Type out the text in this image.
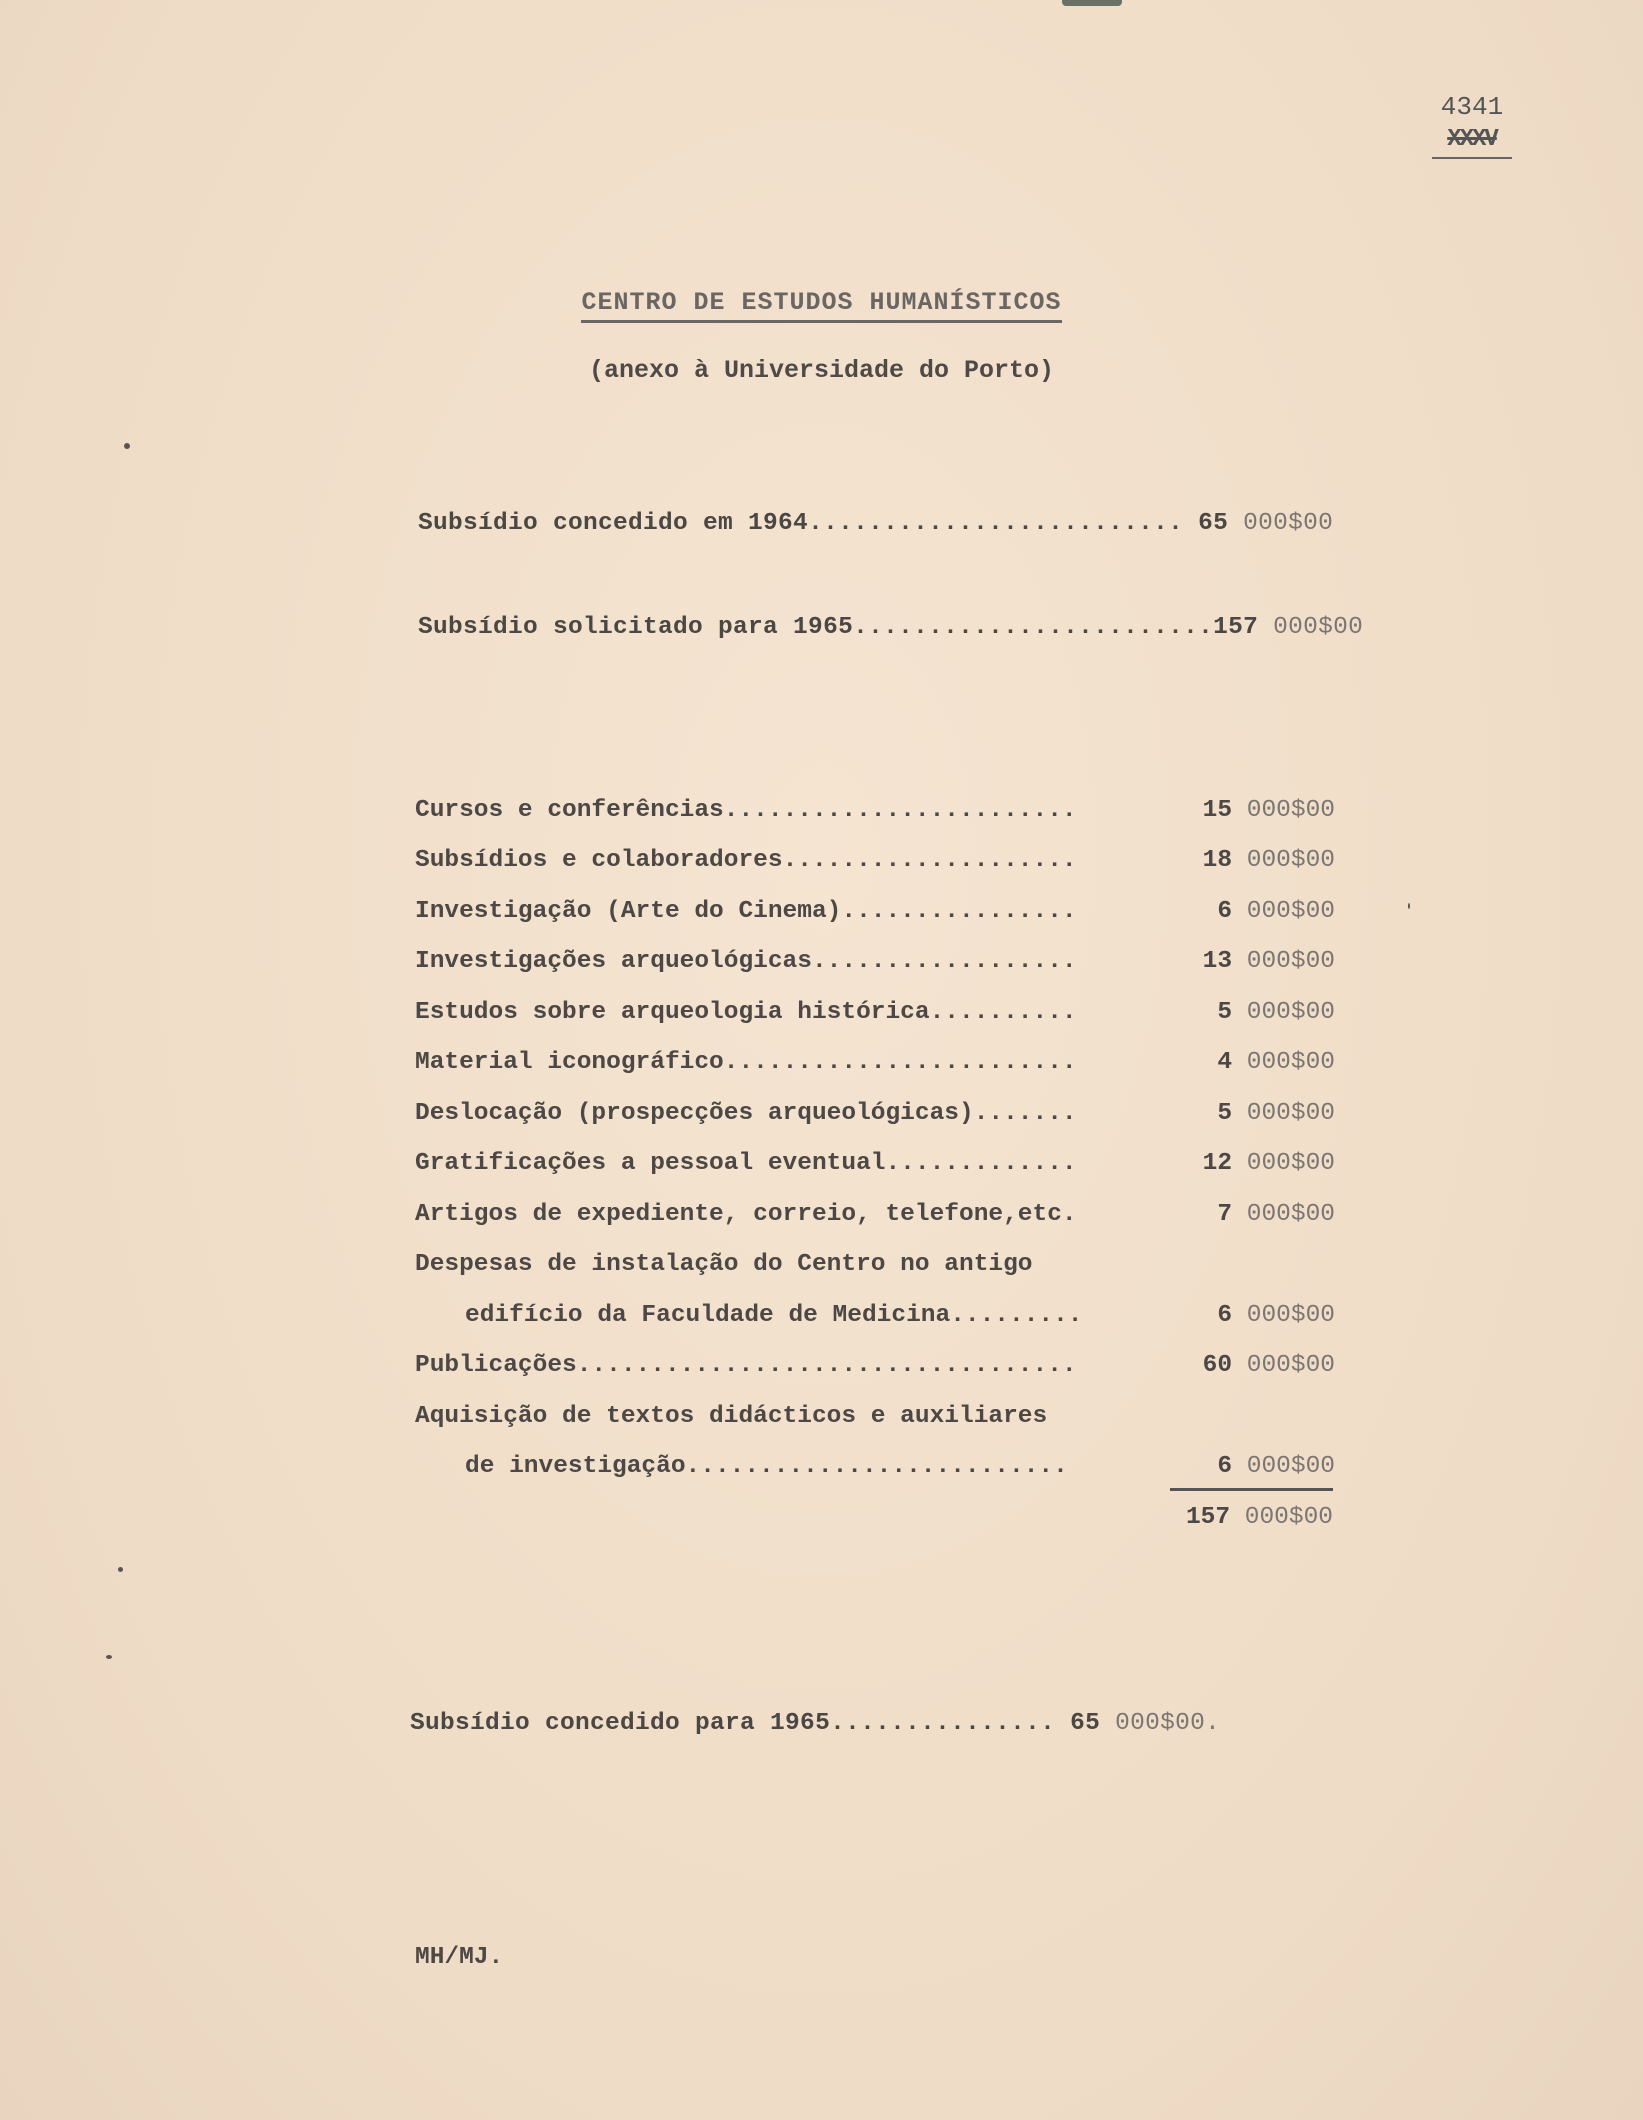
4341
XXXV
CENTRO DE ESTUDOS HUMANÍSTICOS
(anexo à Universidade do Porto)
Subsídio concedido em 1964......................... 65 000$00
Subsídio solicitado para 1965........................157 000$00
Cursos e conferências........................	15 000$00
Subsídios e colaboradores....................	18 000$00
Investigação (Arte do Cinema)................	6 000$00
Investigações arqueológicas..................	13 000$00
Estudos sobre arqueologia histórica..........	5 000$00
Material iconográfico........................	4 000$00
Deslocação (prospecções arqueológicas).......	5 000$00
Gratificações a pessoal eventual.............	12 000$00
Artigos de expediente, correio, telefone,etc.	7 000$00
Despesas de instalação do Centro no antigo

edifício da Faculdade de Medicina.........	6 000$00
Publicações..................................	60 000$00
Aquisição de textos didácticos e auxiliares

de investigação..........................	6 000$00
157 000$00
Subsídio concedido para 1965............... 65 000$00.
MH/MJ.
